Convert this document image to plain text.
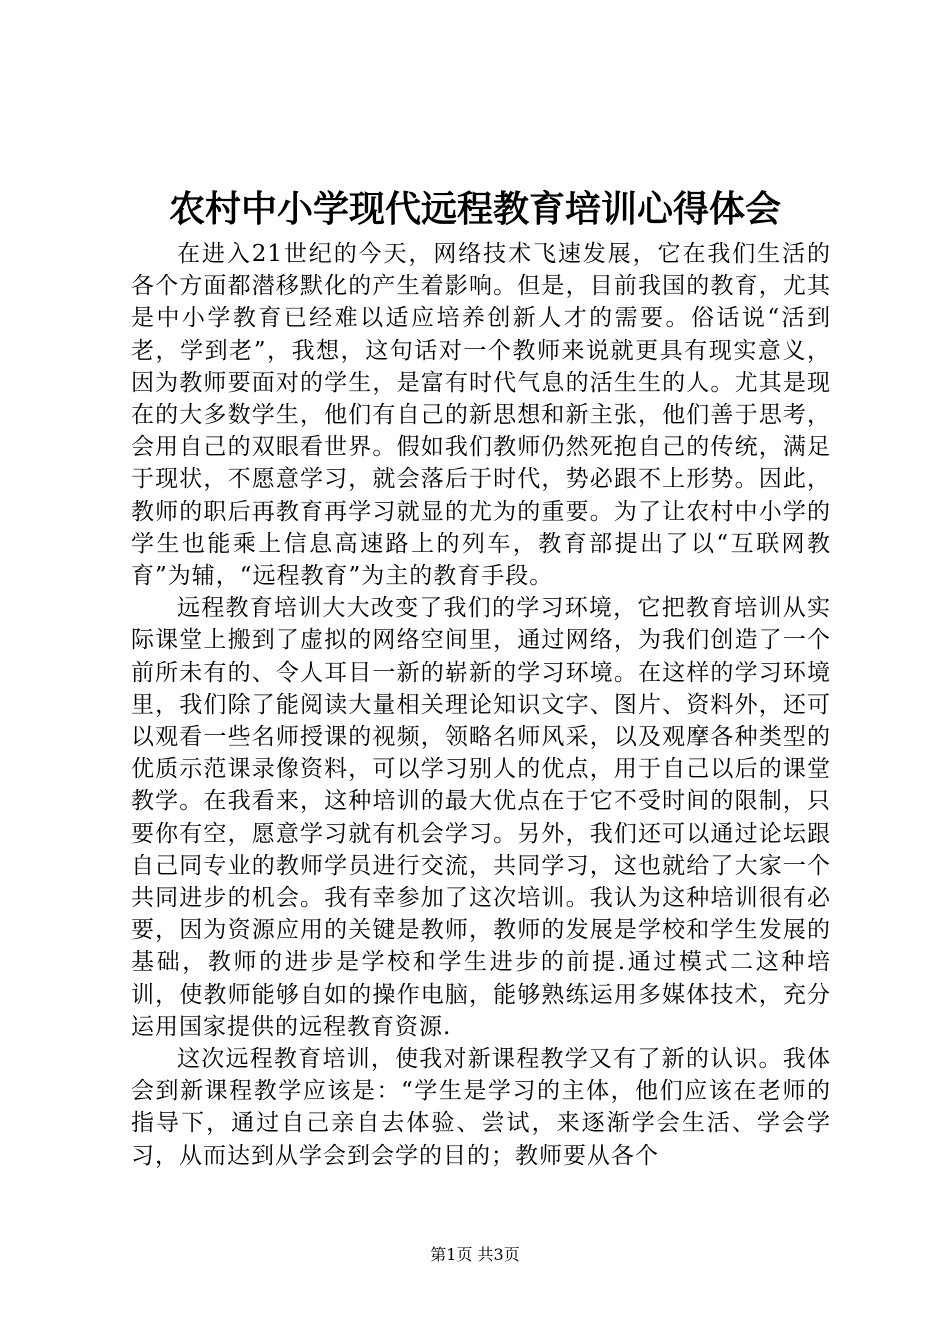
农村中小学现代远程教育培训心得体会

在进入21世纪的今天，网络技术飞速发展，它在我们生活的各个方面都潜移默化的产生着影响。但是，目前我国的教育，尤其是中小学教育已经难以适应培养创新人才的需要。俗话说“活到老，学到老”，我想，这句话对一个教师来说就更具有现实意义，因为教师要面对的学生，是富有时代气息的活生生的人。尤其是现在的大多数学生，他们有自己的新思想和新主张，他们善于思考，会用自己的双眼看世界。假如我们教师仍然死抱自己的传统，满足于现状，不愿意学习，就会落后于时代，势必跟不上形势。因此，教师的职后再教育再学习就显的尤为的重要。为了让农村中小学的学生也能乘上信息高速路上的列车，教育部提出了以“互联网教育”为辅，“远程教育”为主的教育手段。

远程教育培训大大改变了我们的学习环境，它把教育培训从实际课堂上搬到了虚拟的网络空间里，通过网络，为我们创造了一个前所未有的、令人耳目一新的崭新的学习环境。在这样的学习环境里，我们除了能阅读大量相关理论知识文字、图片、资料外，还可以观看一些名师授课的视频，领略名师风采，以及观摩各种类型的优质示范课录像资料，可以学习别人的优点，用于自己以后的课堂教学。在我看来，这种培训的最大优点在于它不受时间的限制，只要你有空，愿意学习就有机会学习。另外，我们还可以通过论坛跟自己同专业的教师学员进行交流，共同学习，这也就给了大家一个共同进步的机会。我有幸参加了这次培训。我认为这种培训很有必要，因为资源应用的关键是教师，教师的发展是学校和学生发展的基础，教师的进步是学校和学生进步的前提.通过模式二这种培训，使教师能够自如的操作电脑，能够熟练运用多媒体技术，充分运用国家提供的远程教育资源.

这次远程教育培训，使我对新课程教学又有了新的认识。我体会到新课程教学应该是：“学生是学习的主体，他们应该在老师的指导下，通过自己亲自去体验、尝试，来逐渐学会生活、学会学习，从而达到从学会到会学的目的；教师要从各个

第1页 共3页
